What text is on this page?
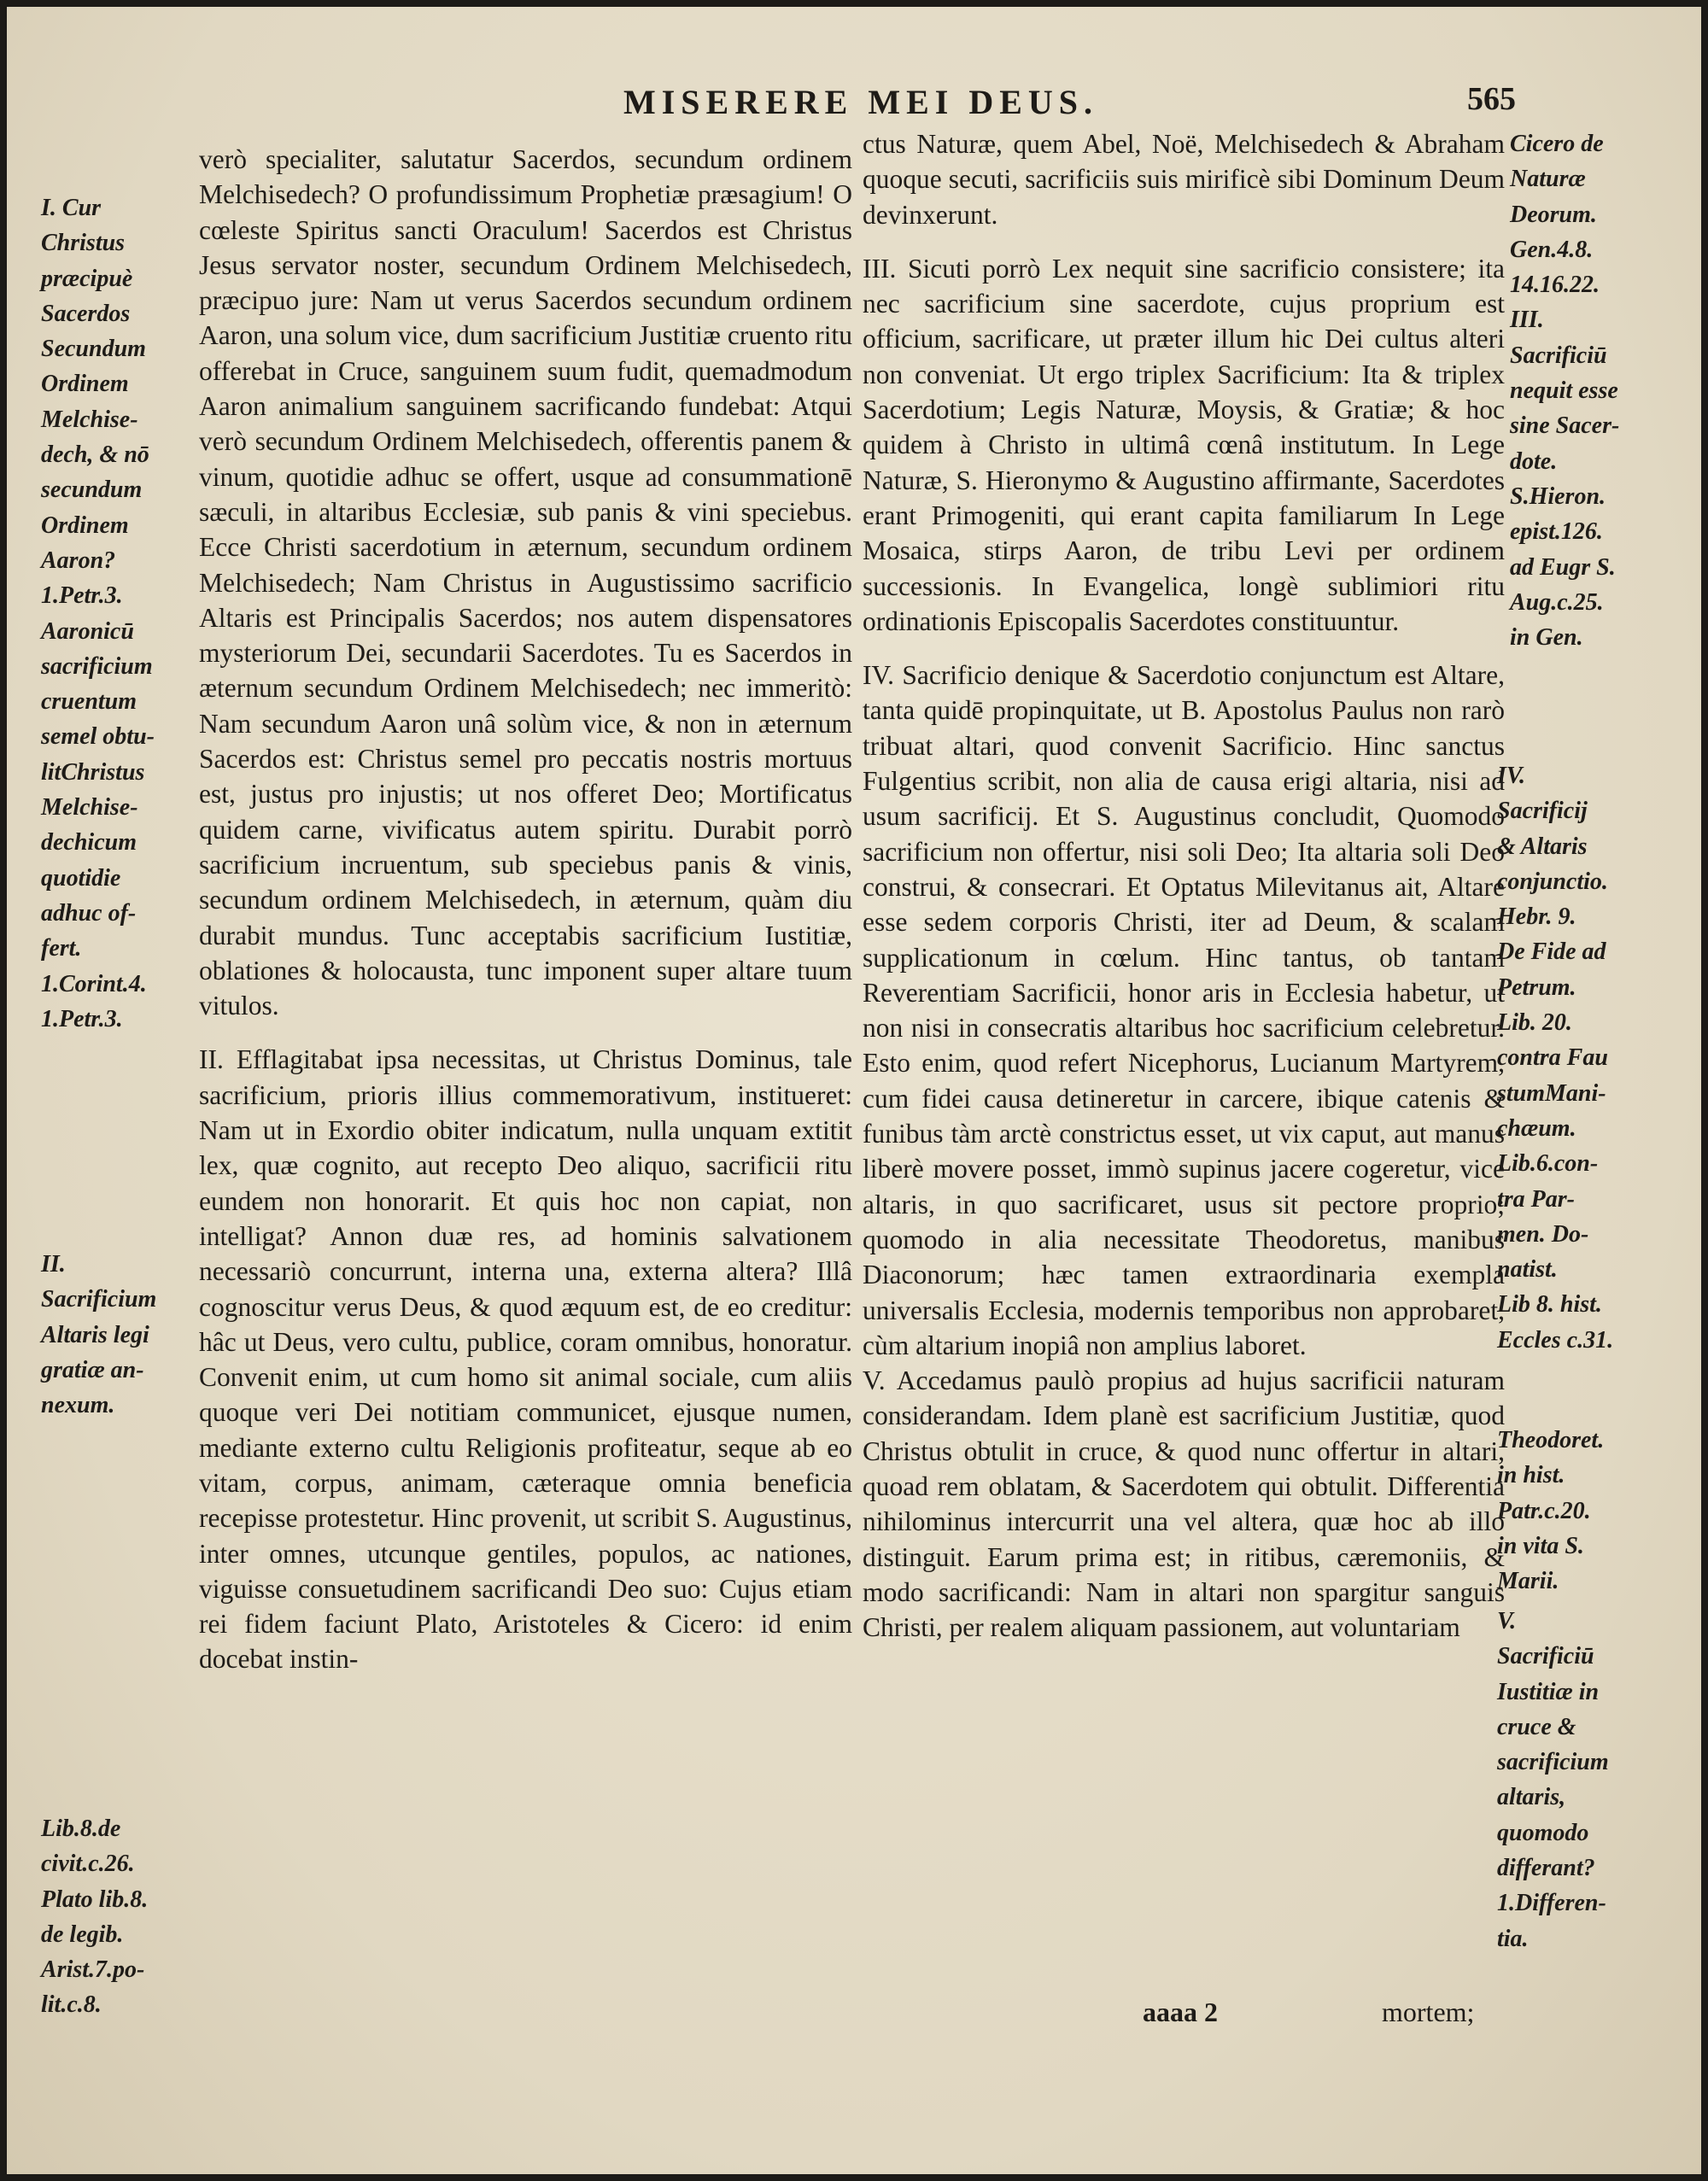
MISERERE MEI DEUS.	565
I. Cur
Christus
præcipuè
Sacerdos
Secundum
Ordinem
Melchise-
dech, & nō
secundum
Ordinem
Aaron?
1.Petr.3.
Aaronicū
sacrificium
cruentum
semel obtu-
litChristus
Melchise-
dechicum
quotidie
adhuc of-
fert.
1.Corint.4.
1.Petr.3.
II.
Sacrificium
Altaris legi
gratiæ an-
nexum.
Lib.8.de
civit.c.26.
Plato lib.8.
de legib.
Arist.7.po-
lit.c.8.

verò specialiter, salutatur Sacerdos, secundum ordinem Melchisedech? O profundissimum Prophetiæ præsagium! O cœleste Spiritus sancti Oraculum! Sacerdos est Christus Jesus servator noster, secundum Ordinem Melchisedech, præcipuo jure: Nam ut verus Sacerdos secundum ordinem Aaron, una solum vice, dum sacrificium Justitiæ cruento ritu offerebat in Cruce, sanguinem suum fudit, quemadmodum Aaron animalium sanguinem sacrificando fundebat: Atqui verò secundum Ordinem Melchisedech, offerentis panem & vinum, quotidie adhuc se offert, usque ad consummationē sæculi, in altaribus Ecclesiæ, sub panis & vini speciebus. Ecce Christi sacerdotium in æternum, secundum ordinem Melchisedech; Nam Christus in Augustissimo sacrificio Altaris est Principalis Sacerdos; nos autem dispensatores mysteriorum Dei, secundarii Sacerdotes. Tu es Sacerdos in æternum secundum Ordinem Melchisedech; nec immeritò: Nam secundum Aaron unâ solùm vice, & non in æternum Sacerdos est: Christus semel pro peccatis nostris mortuus est, justus pro injustis; ut nos offeret Deo; Mortificatus quidem carne, vivificatus autem spiritu. Durabit porrò sacrificium incruentum, sub speciebus panis & vinis, secundum ordinem Melchisedech, in æternum, quàm diu durabit mundus. Tunc acceptabis sacrificium Iustitiæ, oblationes & holocausta, tunc imponent super altare tuum vitulos.

II. Efflagitabat ipsa necessitas, ut Christus Dominus, tale sacrificium, prioris illius commemorativum, institueret: Nam ut in Exordio obiter indicatum, nulla unquam extitit lex, quæ cognito, aut recepto Deo aliquo, sacrificii ritu eundem non honorarit. Et quis hoc non capiat, non intelligat? Annon duæ res, ad hominis salvationem necessariò concurrunt, interna una, externa altera? Illâ cognoscitur verus Deus, & quod æquum est, de eo creditur: hâc ut Deus, vero cultu, publice, coram omnibus, honoratur. Convenit enim, ut cum homo sit animal sociale, cum aliis quoque veri Dei notitiam communicet, ejusque numen, mediante externo cultu Religionis profiteatur, seque ab eo vitam, corpus, animam, cæteraque omnia beneficia recepisse protestetur. Hinc provenit, ut scribit S. Augustinus, inter omnes, utcunque gentiles, populos, ac nationes, viguisse consuetudinem sacrificandi Deo suo: Cujus etiam rei fidem faciunt Plato, Aristoteles & Cicero: id enim docebat instin-

ctus Naturæ, quem Abel, Noë, Melchisedech & Abraham quoque secuti, sacrificiis suis mirificè sibi Dominum Deum devinxerunt.

III. Sicuti porrò Lex nequit sine sacrificio consistere; ita nec sacrificium sine sacerdote, cujus proprium est officium, sacrificare, ut præter illum hic Dei cultus alteri non conveniat. Ut ergo triplex Sacrificium: Ita & triplex Sacerdotium; Legis Naturæ, Moysis, & Gratiæ; & hoc quidem à Christo in ultimâ cœnâ institutum. In Lege Naturæ, S. Hieronymo & Augustino affirmante, Sacerdotes erant Primogeniti, qui erant capita familiarum In Lege Mosaica, stirps Aaron, de tribu Levi per ordinem successionis. In Evangelica, longè sublimiori ritu ordinationis Episcopalis Sacerdotes constituuntur.

IV. Sacrificio denique & Sacerdotio conjunctum est Altare, tanta quidē propinquitate, ut B. Apostolus Paulus non rarò tribuat altari, quod convenit Sacrificio. Hinc sanctus Fulgentius scribit, non alia de causa erigi altaria, nisi ad usum sacrificij. Et S. Augustinus concludit, Quomodo sacrificium non offertur, nisi soli Deo; Ita altaria soli Deo construi, & consecrari. Et Optatus Milevitanus ait, Altare esse sedem corporis Christi, iter ad Deum, & scalam supplicationum in cœlum. Hinc tantus, ob tantam Reverentiam Sacrificii, honor aris in Ecclesia habetur, ut non nisi in consecratis altaribus hoc sacrificium celebretur. Esto enim, quod refert Nicephorus, Lucianum Martyrem, cum fidei causa detineretur in carcere, ibique catenis & funibus tàm arctè constrictus esset, ut vix caput, aut manus liberè movere posset, immò supinus jacere cogeretur, vice altaris, in quo sacrificaret, usus sit pectore proprio; quomodo in alia necessitate Theodoretus, manibus Diaconorum; hæc tamen extraordinaria exempla universalis Ecclesia, modernis temporibus non approbaret, cùm altarium inopiâ non amplius laboret.

V. Accedamus paulò propius ad hujus sacrificii naturam considerandam. Idem planè est sacrificium Justitiæ, quod Christus obtulit in cruce, & quod nunc offertur in altari, quoad rem oblatam, & Sacerdotem qui obtulit. Differentia nihilominus intercurrit una vel altera, quæ hoc ab illo distinguit. Earum prima est; in ritibus, cæremoniis, & modo sacrificandi: Nam in altari non spargitur sanguis Christi, per realem aliquam passionem, aut voluntariam

Cicero de
Naturæ
Deorum.
Gen.4.8.
14.16.22.
III.
Sacrificiū
nequit esse
sine Sacer-
dote.
S.Hieron.
epist.126.
ad Eugr S.
Aug.c.25.
in Gen.
IV.
Sacrificij
& Altaris
conjunctio.
Hebr. 9.
De Fide ad
Petrum.
Lib. 20.
contra Fau
stumMani-
chæum.
Lib.6.con-
tra Par-
men. Do-
natist.
Lib 8. hist.
Eccles c.31.
Theodoret.
in hist.
Patr.c.20.
in vita S.
Marii.
V.
Sacrificiū
Iustitiæ in
cruce &
sacrificium
altaris,
quomodo
differant?
1.Differen-
tia.
aaaa 2	mortem;
